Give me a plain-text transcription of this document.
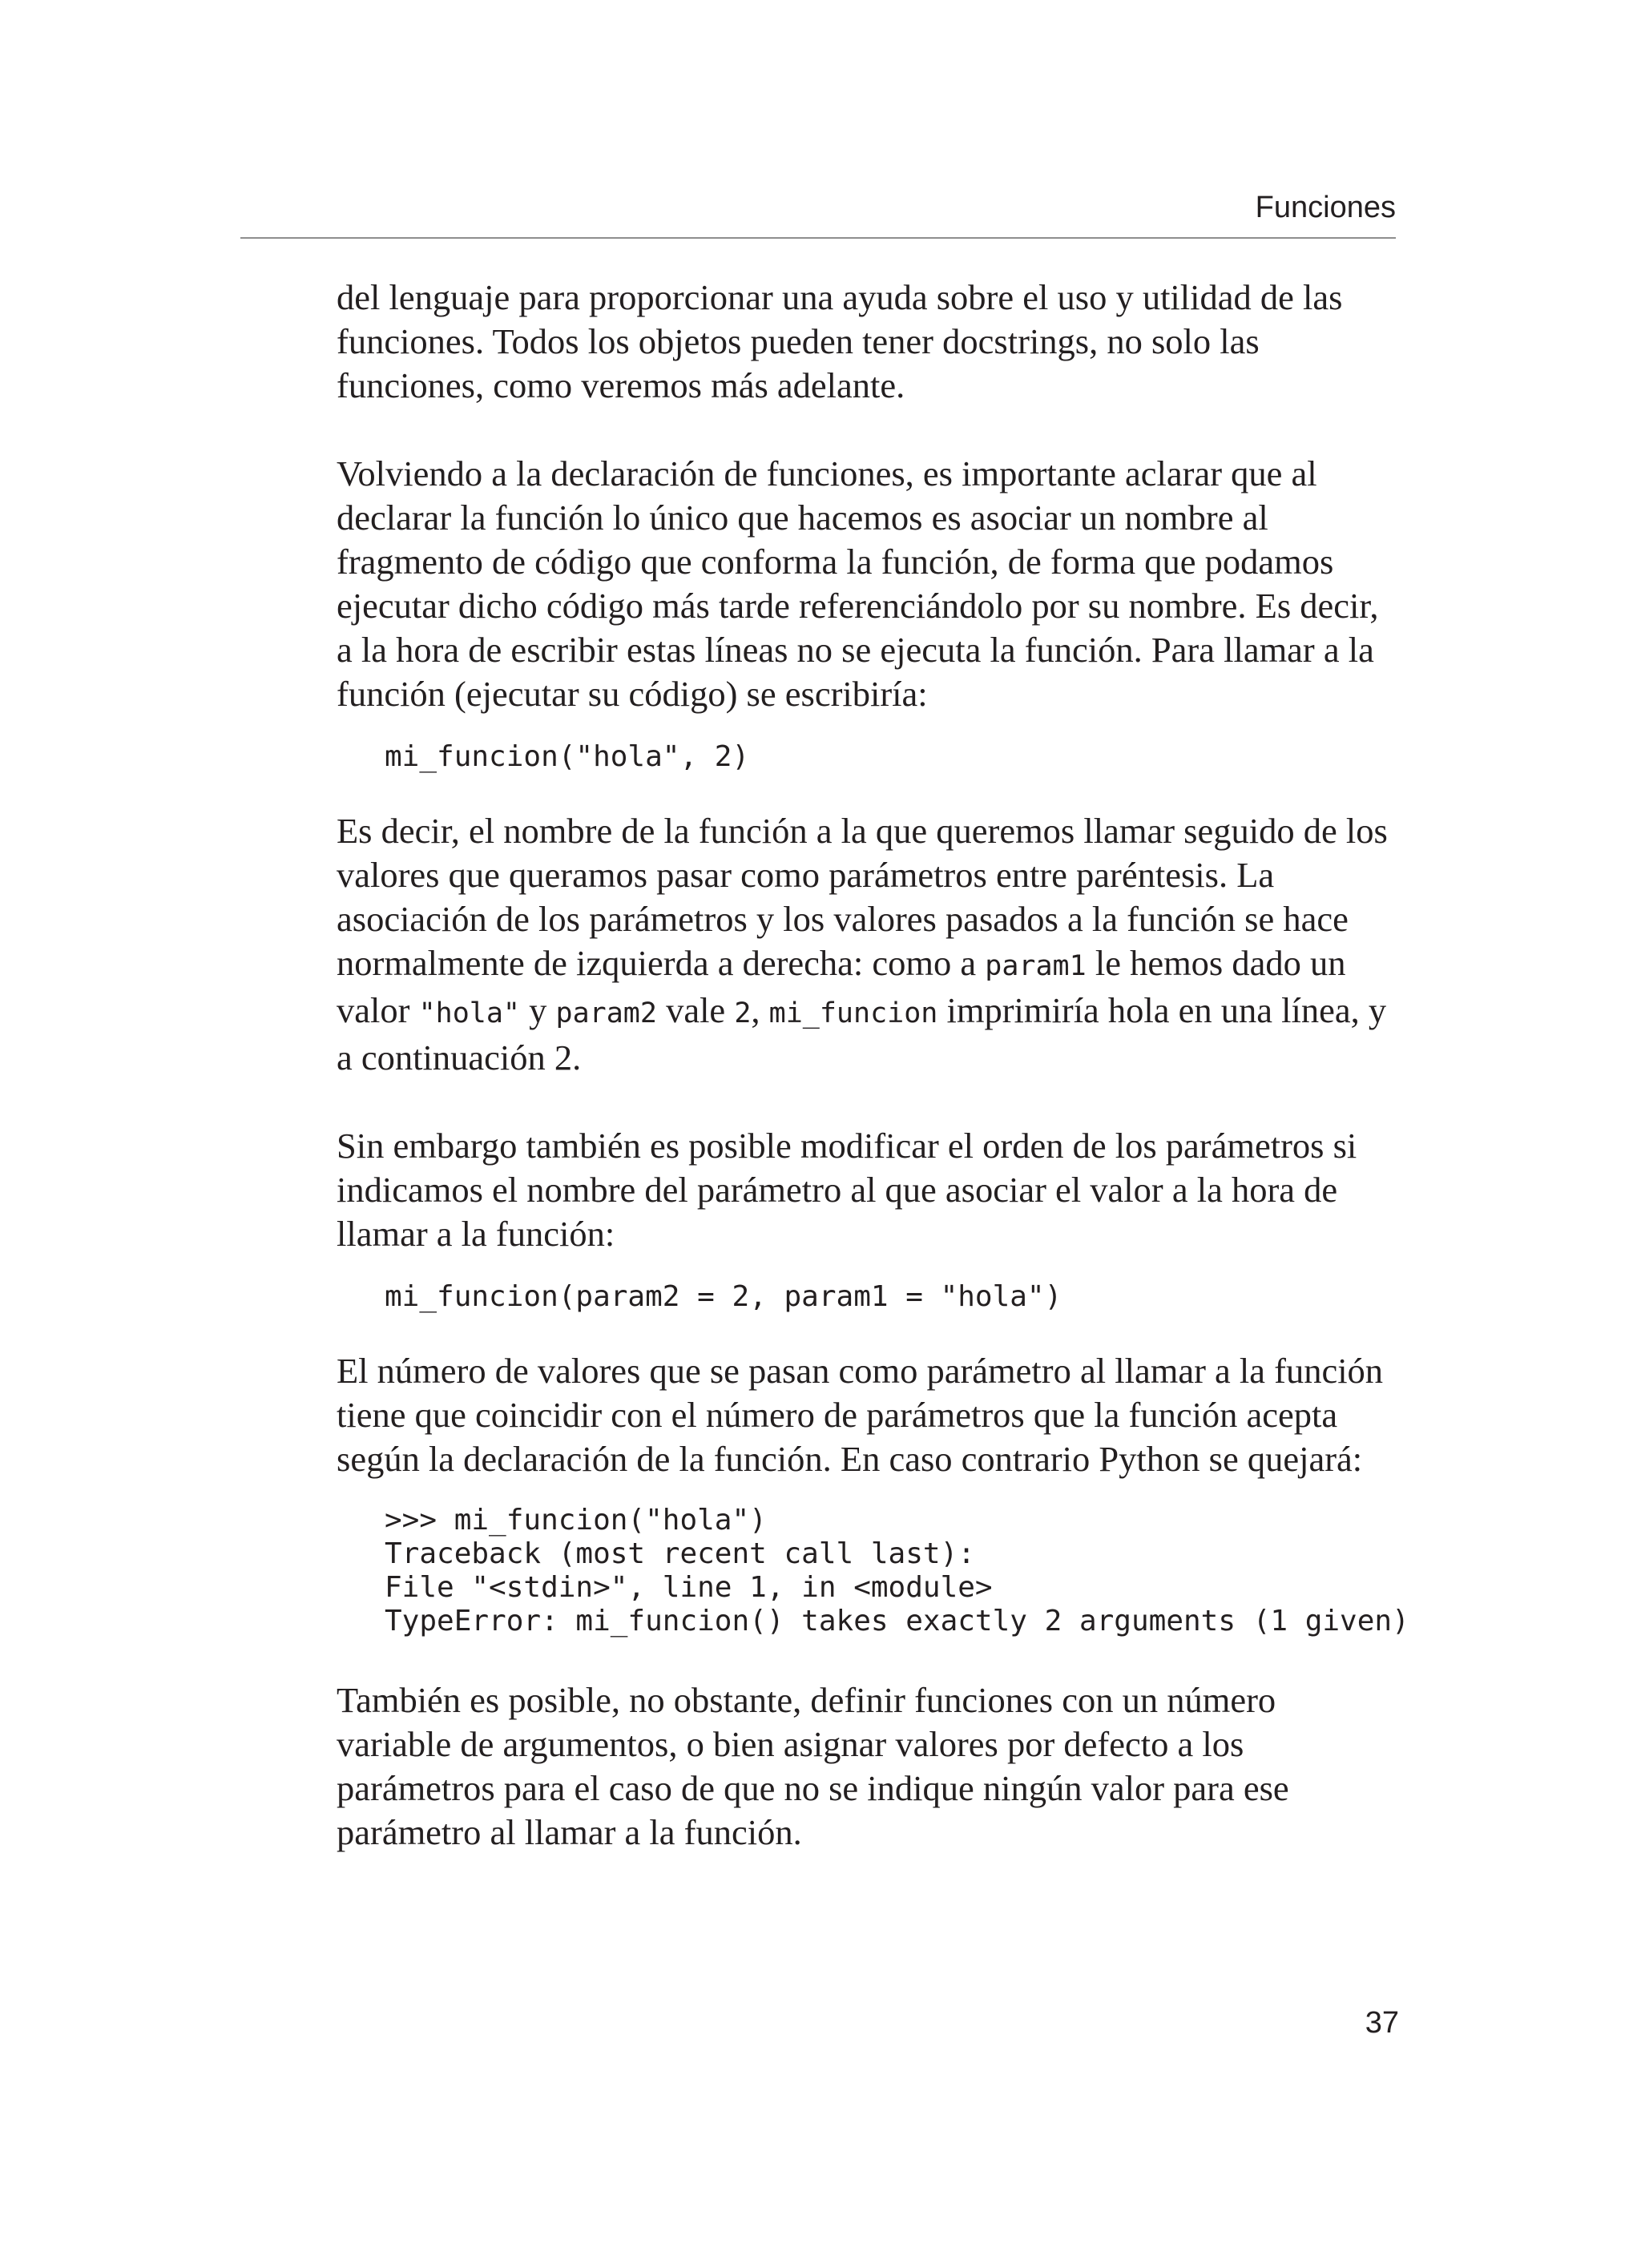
Funciones

del lenguaje para proporcionar una ayuda sobre el uso y utilidad de las funciones. Todos los objetos pueden tener docstrings, no solo las funciones, como veremos más adelante.

Volviendo a la declaración de funciones, es importante aclarar que al declarar la función lo único que hacemos es asociar un nombre al fragmento de código que conforma la función, de forma que podamos ejecutar dicho código más tarde referenciándolo por su nombre. Es decir, a la hora de escribir estas líneas no se ejecuta la función. Para llamar a la función (ejecutar su código) se escribiría:

mi_funcion("hola", 2)

Es decir, el nombre de la función a la que queremos llamar seguido de los valores que queramos pasar como parámetros entre paréntesis. La asociación de los parámetros y los valores pasados a la función se hace normalmente de izquierda a derecha: como a param1 le hemos dado un valor "hola" y param2 vale 2, mi_funcion imprimiría hola en una línea, y a continuación 2.

Sin embargo también es posible modificar el orden de los parámetros si indicamos el nombre del parámetro al que asociar el valor a la hora de llamar a la función:

mi_funcion(param2 = 2, param1 = "hola")

El número de valores que se pasan como parámetro al llamar a la función tiene que coincidir con el número de parámetros que la función acepta según la declaración de la función. En caso contrario Python se quejará:

>>> mi_funcion("hola")
Traceback (most recent call last):
File "<stdin>", line 1, in <module>
TypeError: mi_funcion() takes exactly 2 arguments (1 given)

También es posible, no obstante, definir funciones con un número variable de argumentos, o bien asignar valores por defecto a los parámetros para el caso de que no se indique ningún valor para ese parámetro al llamar a la función.

37
